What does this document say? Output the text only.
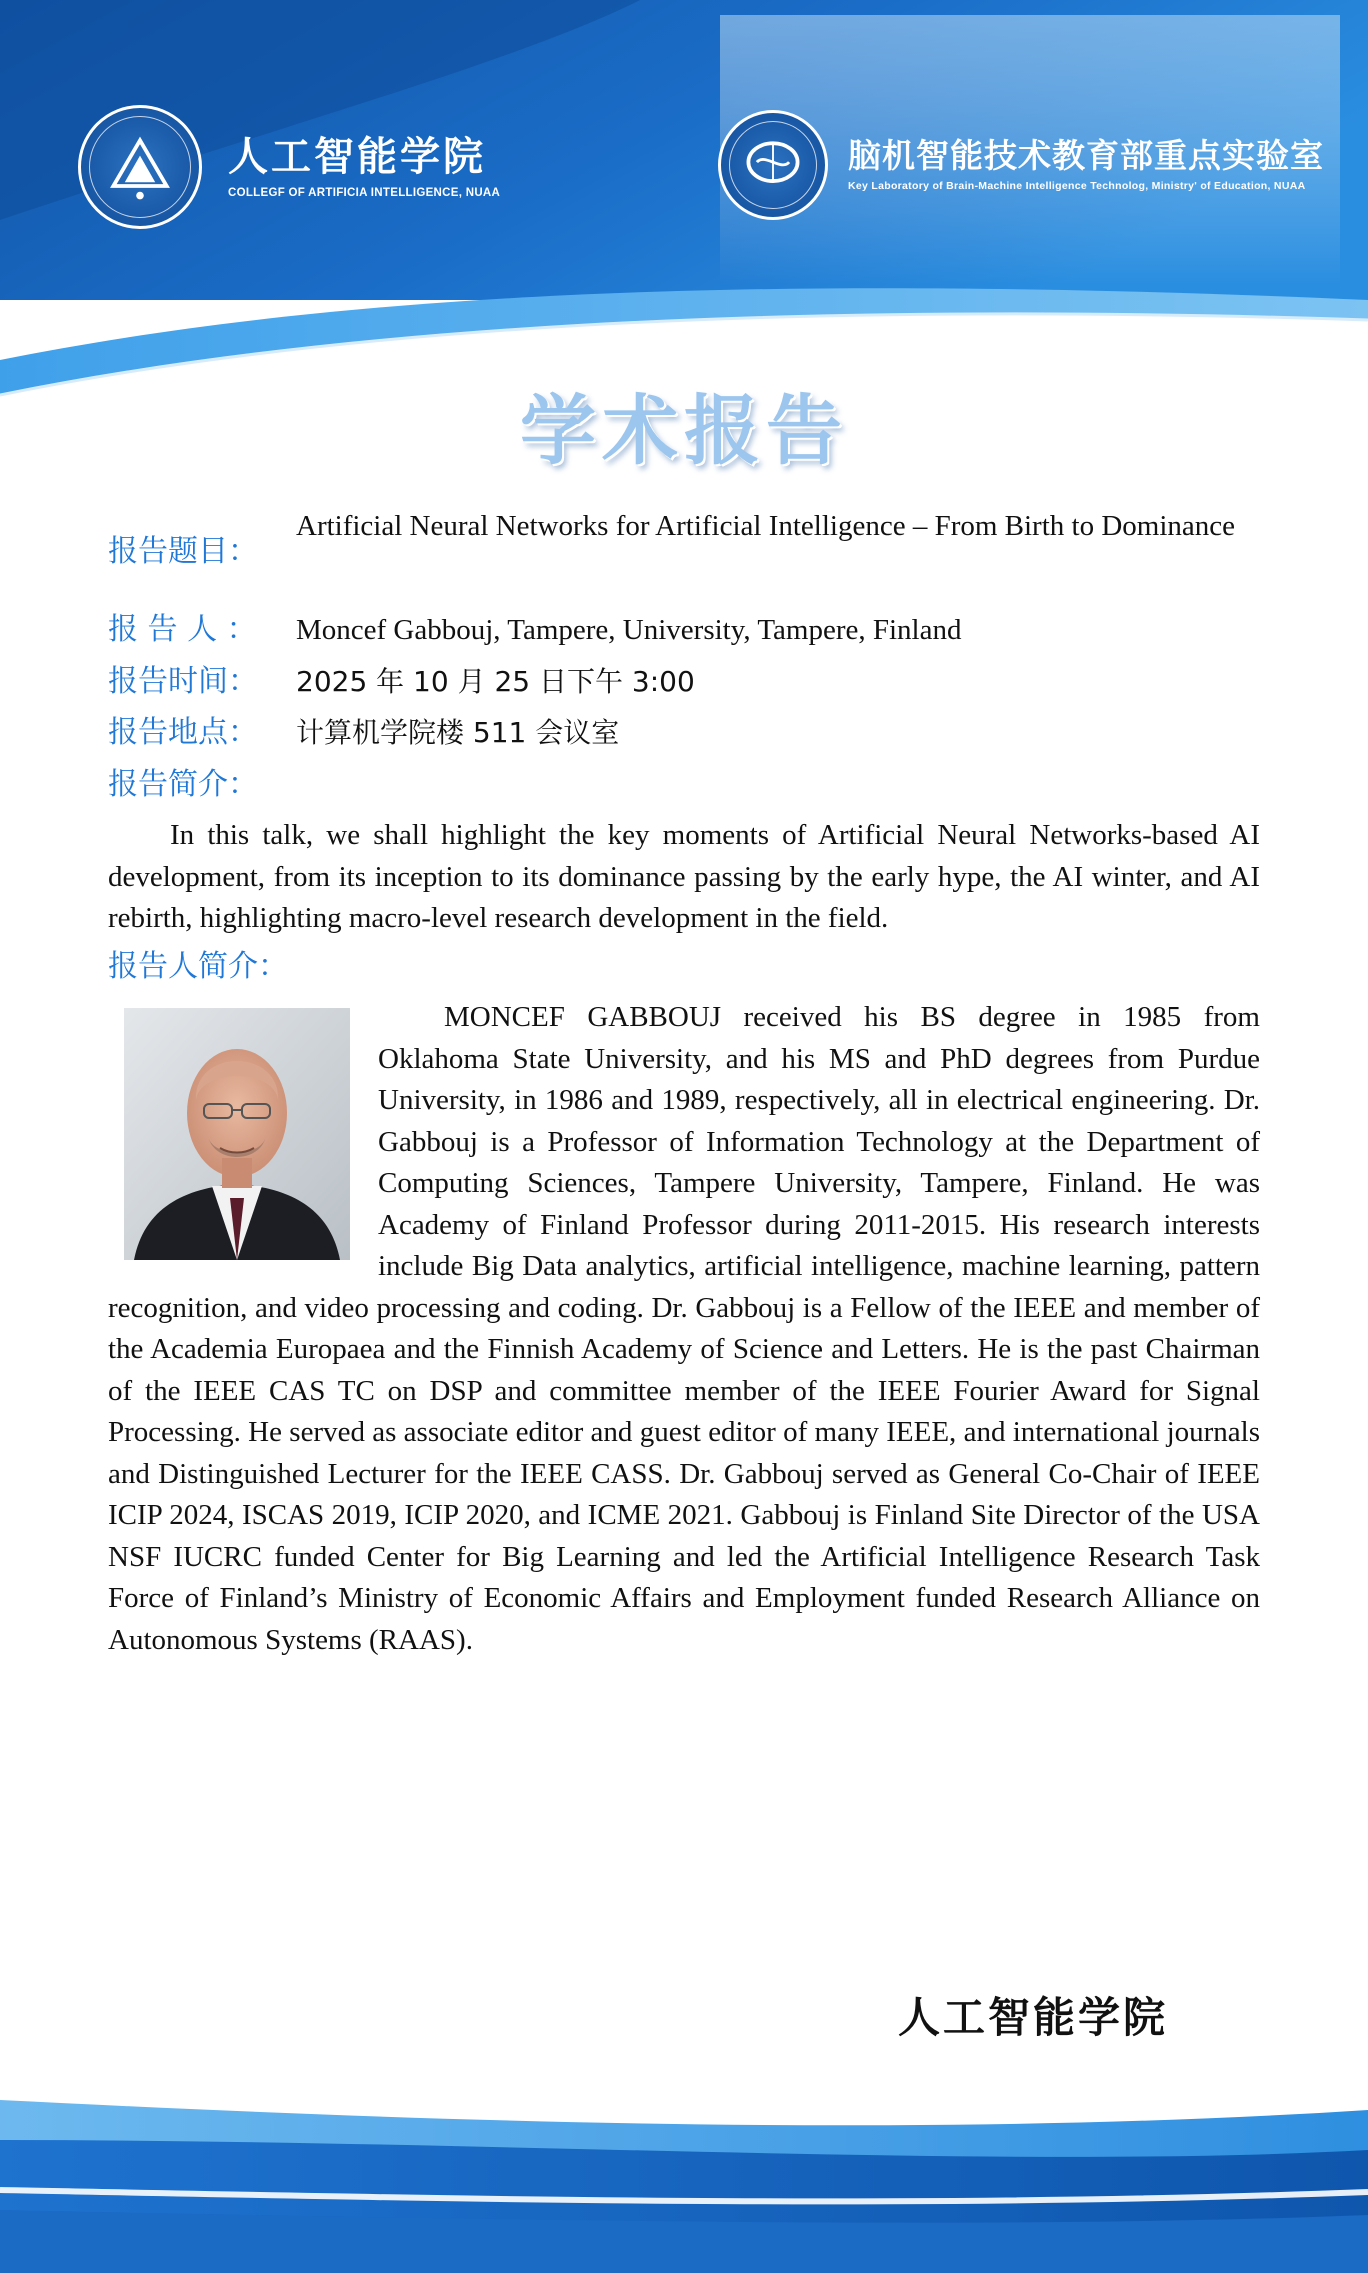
人工智能学院
COLLEGF OF ARTIFICIA INTELLIGENCE, NUAA
脑机智能技术教育部重点实验室
Key Laboratory of Brain-Machine Intelligence Technolog, Ministry' of Education, NUAA
学术报告
报告题目：
Artificial Neural Networks for Artificial Intelligence – From Birth to Dominance
报 告 人 ：	Moncef Gabbouj, Tampere, University, Tampere, Finland
报告时间：	2025 年 10 月 25 日下午 3:00
报告地点：	计算机学院楼 511 会议室
报告简介：
In this talk, we shall highlight the key moments of Artificial Neural Networks-based AI development, from its inception to its dominance passing by the early hype, the AI winter, and AI rebirth, highlighting macro-level research development in the field.
报告人简介：
MONCEF GABBOUJ received his BS degree in 1985 from Oklahoma State University, and his MS and PhD degrees from Purdue University, in 1986 and 1989, respectively, all in electrical engineering. Dr. Gabbouj is a Professor of Information Technology at the Department of Computing Sciences, Tampere University, Tampere, Finland. He was Academy of Finland Professor during 2011-2015. His research interests include Big Data analytics, artificial intelligence, machine learning, pattern recognition, and video processing and coding. Dr. Gabbouj is a Fellow of the IEEE and member of the Academia Europaea and the Finnish Academy of Science and Letters. He is the past Chairman of the IEEE CAS TC on DSP and committee member of the IEEE Fourier Award for Signal Processing. He served as associate editor and guest editor of many IEEE, and international journals and Distinguished Lecturer for the IEEE CASS. Dr. Gabbouj served as General Co-Chair of IEEE ICIP 2024, ISCAS 2019, ICIP 2020, and ICME 2021. Gabbouj is Finland Site Director of the USA NSF IUCRC funded Center for Big Learning and led the Artificial Intelligence Research Task Force of Finland’s Ministry of Economic Affairs and Employment funded Research Alliance on Autonomous Systems (RAAS).
人工智能学院
